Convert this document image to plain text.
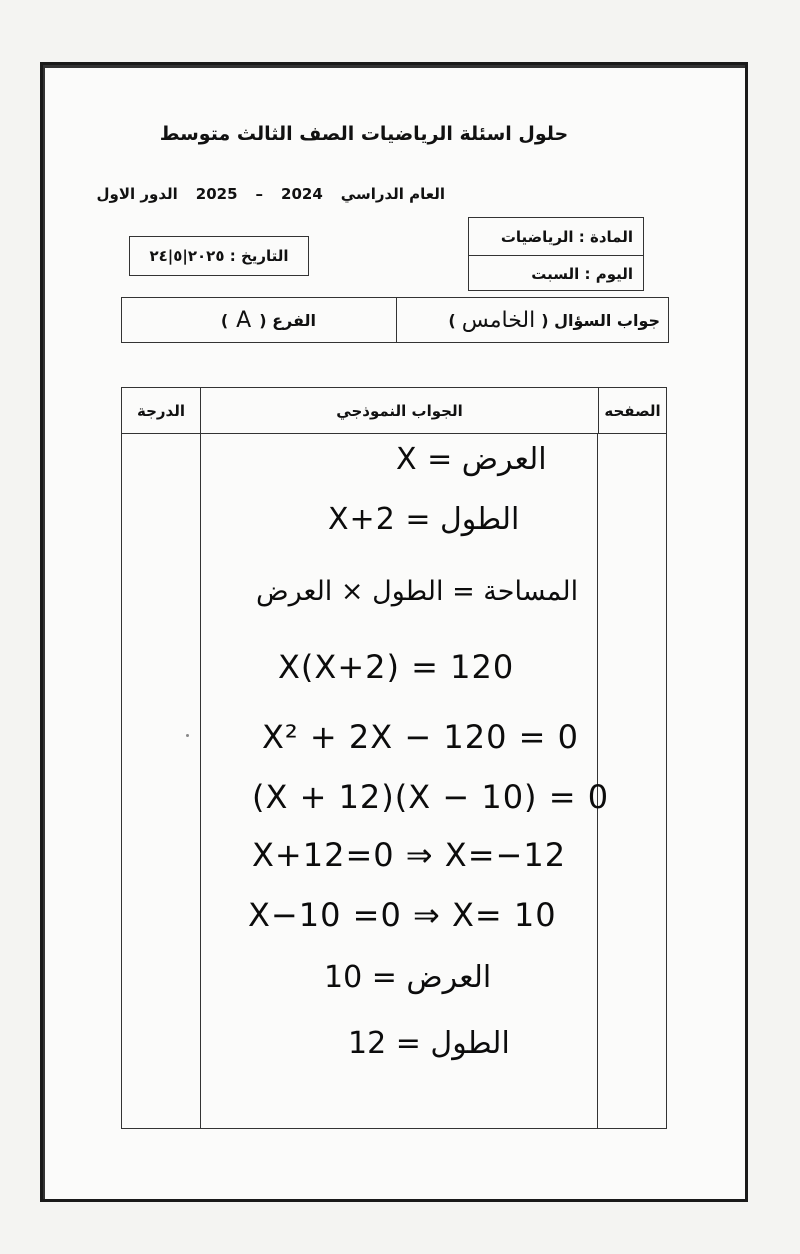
حلول اسئلة الرياضيات الصف الثالث متوسط
العام الدراسي
2024
–
2025
الدور الاول
التاريخ : ٢٠٢٥|٥|٢٤
المادة : الرياضيات
اليوم : السبت
جواب السؤال (
الخامس
)
الفرع (
A
)
الصفحه
الجواب النموذجي
الدرجة
العرض = X
الطول = X+2
المساحة = الطول × العرض
X(X+2) = 120
X² + 2X − 120 = 0
(X + 12)(X − 10) = 0
X+12=0 ⇒ X=−12
X−10 =0 ⇒ X= 10
العرض = 10
الطول = 12
